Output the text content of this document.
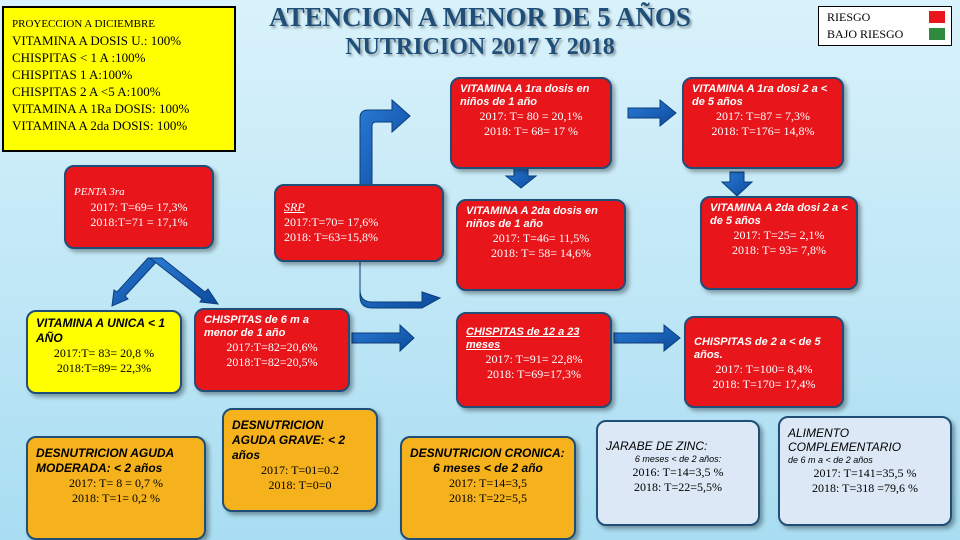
ATENCION A MENOR DE 5 AÑOS
NUTRICION 2017 Y 2018
RIESGO
BAJO RIESGO
PROYECCION A DICIEMBRE
VITAMINA A DOSIS U.: 100%
CHISPITAS < 1 A :100%
CHISPITAS 1 A:100%
CHISPITAS 2 A <5 A:100%
VITAMINA A 1Ra DOSIS: 100%
VITAMINA A 2da DOSIS: 100%
PENTA 3ra
2017: T=69= 17,3%
2018:T=71 = 17,1%
SRP
2017:T=70= 17,6%
2018: T=63=15,8%
VITAMINA A 1ra dosis en niños de 1 año
2017: T= 80 = 20,1%
2018: T= 68= 17 %
VITAMINA A 1ra dosi 2 a < de 5 años
2017: T=87 = 7,3%
2018: T=176= 14,8%
VITAMINA A 2da dosis en niños de 1 año
2017: T=46= 11,5%
2018: T= 58= 14,6%
VITAMINA A 2da dosi 2 a < de 5 años
2017: T=25= 2,1%
2018: T= 93= 7,8%
VITAMINA A UNICA < 1 AÑO
2017:T= 83= 20,8 %
2018:T=89= 22,3%
CHISPITAS de 6 m a menor de 1 año
2017:T=82=20,6%
2018:T=82=20,5%
CHISPITAS de 12 a 23 meses
2017: T=91= 22,8%
2018: T=69=17,3%
CHISPITAS de 2 a < de 5 años.
2017: T=100= 8,4%
2018: T=170= 17,4%
DESNUTRICION AGUDA MODERADA: < 2 años
2017: T= 8 = 0,7 %
2018: T=1= 0,2 %
DESNUTRICION AGUDA GRAVE: < 2 años
2017: T=01=0.2
2018: T=0=0
DESNUTRICION CRONICA:
6 meses < de 2 año
2017: T=14=3,5
2018: T=22=5,5
JARABE DE ZINC:
6 meses < de 2 años:
2016: T=14=3,5 %
2018: T=22=5,5%
ALIMENTO COMPLEMENTARIO
de 6 m a < de 2 años
2017: T=141=35,5 %
2018: T=318 =79,6 %
